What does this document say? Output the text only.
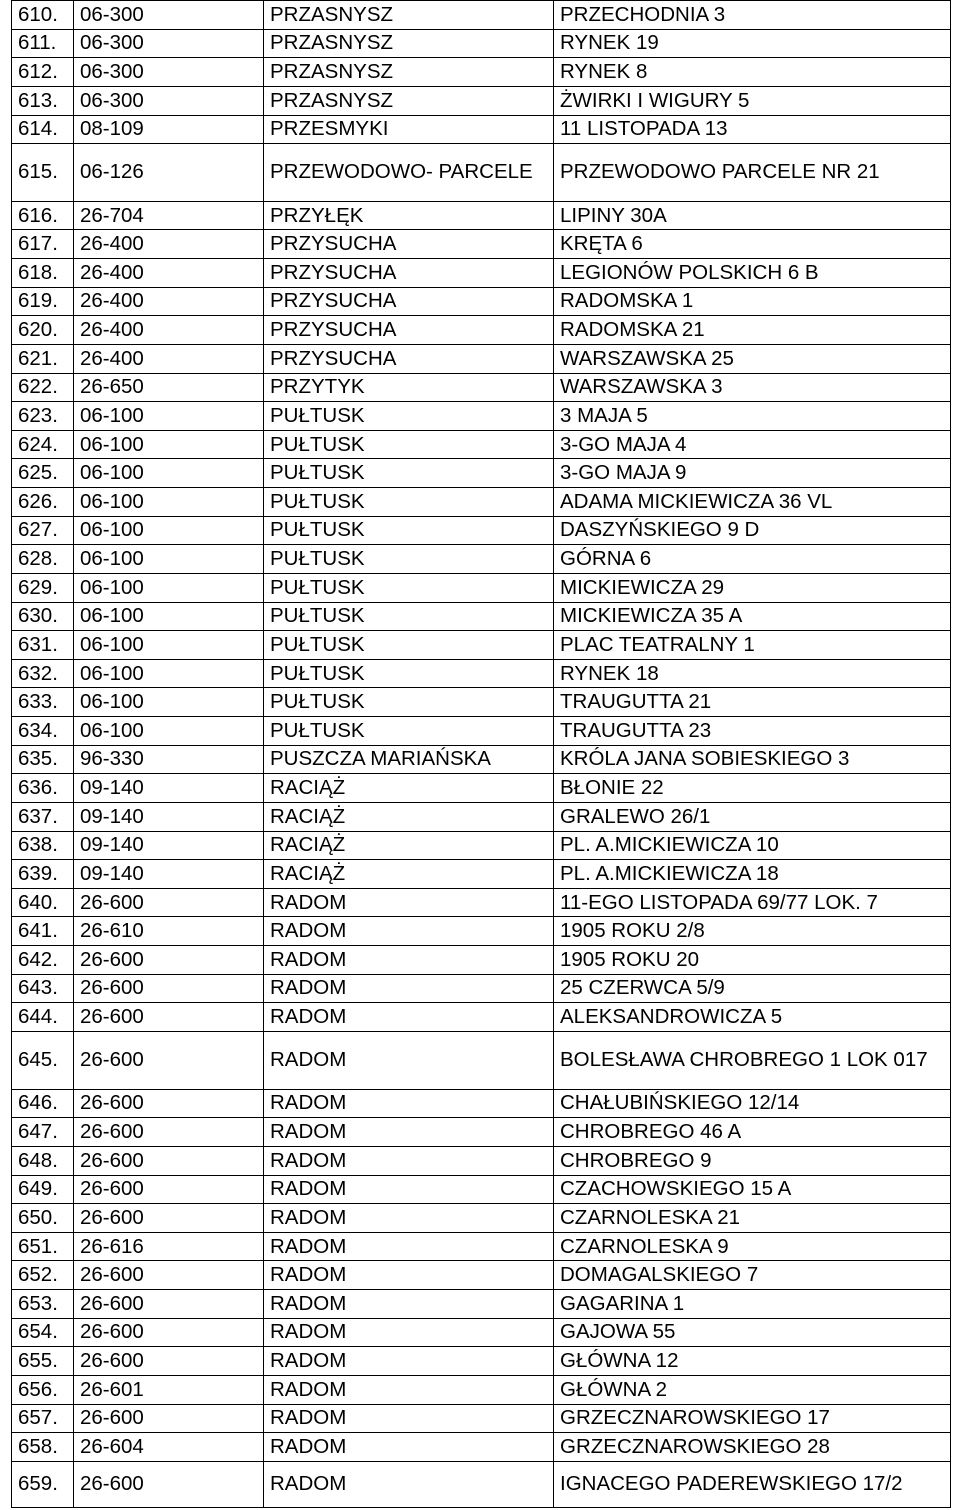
610.	06-300	PRZASNYSZ	PRZECHODNIA 3
611.	06-300	PRZASNYSZ	RYNEK 19
612.	06-300	PRZASNYSZ	RYNEK 8
613.	06-300	PRZASNYSZ	ŻWIRKI I WIGURY 5
614.	08-109	PRZESMYKI	11 LISTOPADA 13
615.	06-126	PRZEWODOWO- PARCELE	PRZEWODOWO PARCELE NR 21
616.	26-704	PRZYŁĘK	LIPINY 30A
617.	26-400	PRZYSUCHA	KRĘTA 6
618.	26-400	PRZYSUCHA	LEGIONÓW POLSKICH 6 B
619.	26-400	PRZYSUCHA	RADOMSKA 1
620.	26-400	PRZYSUCHA	RADOMSKA 21
621.	26-400	PRZYSUCHA	WARSZAWSKA 25
622.	26-650	PRZYTYK	WARSZAWSKA 3
623.	06-100	PUŁTUSK	3 MAJA 5
624.	06-100	PUŁTUSK	3-GO MAJA 4
625.	06-100	PUŁTUSK	3-GO MAJA 9
626.	06-100	PUŁTUSK	ADAMA MICKIEWICZA 36 VL
627.	06-100	PUŁTUSK	DASZYŃSKIEGO 9 D
628.	06-100	PUŁTUSK	GÓRNA 6
629.	06-100	PUŁTUSK	MICKIEWICZA 29
630.	06-100	PUŁTUSK	MICKIEWICZA 35 A
631.	06-100	PUŁTUSK	PLAC TEATRALNY 1
632.	06-100	PUŁTUSK	RYNEK 18
633.	06-100	PUŁTUSK	TRAUGUTTA 21
634.	06-100	PUŁTUSK	TRAUGUTTA 23
635.	96-330	PUSZCZA MARIAŃSKA	KRÓLA JANA SOBIESKIEGO 3
636.	09-140	RACIĄŻ	BŁONIE 22
637.	09-140	RACIĄŻ	GRALEWO 26/1
638.	09-140	RACIĄŻ	PL. A.MICKIEWICZA 10
639.	09-140	RACIĄŻ	PL. A.MICKIEWICZA 18
640.	26-600	RADOM	11-EGO LISTOPADA 69/77 LOK. 7
641.	26-610	RADOM	1905 ROKU 2/8
642.	26-600	RADOM	1905 ROKU 20
643.	26-600	RADOM	25 CZERWCA 5/9
644.	26-600	RADOM	ALEKSANDROWICZA 5
645.	26-600	RADOM	BOLESŁAWA CHROBREGO 1 LOK 017
646.	26-600	RADOM	CHAŁUBIŃSKIEGO 12/14
647.	26-600	RADOM	CHROBREGO 46 A
648.	26-600	RADOM	CHROBREGO 9
649.	26-600	RADOM	CZACHOWSKIEGO 15 A
650.	26-600	RADOM	CZARNOLESKA 21
651.	26-616	RADOM	CZARNOLESKA 9
652.	26-600	RADOM	DOMAGALSKIEGO 7
653.	26-600	RADOM	GAGARINA 1
654.	26-600	RADOM	GAJOWA 55
655.	26-600	RADOM	GŁÓWNA 12
656.	26-601	RADOM	GŁÓWNA 2
657.	26-600	RADOM	GRZECZNAROWSKIEGO 17
658.	26-604	RADOM	GRZECZNAROWSKIEGO 28
659.	26-600	RADOM	IGNACEGO PADEREWSKIEGO 17/2
